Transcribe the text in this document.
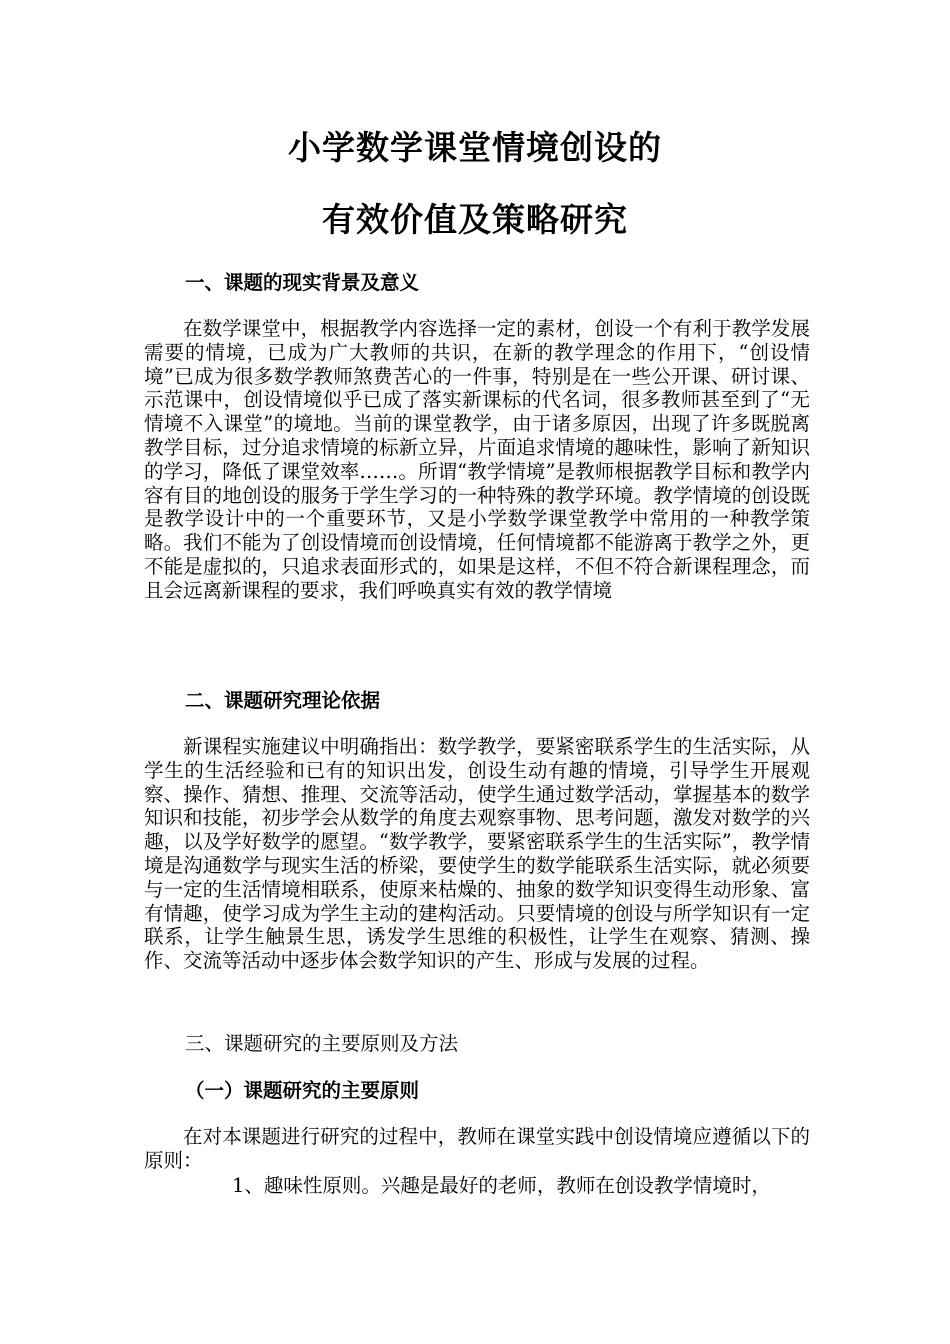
小学数学课堂情境创设的
有效价值及策略研究
一、课题的现实背景及意义

在数学课堂中，根据教学内容选择一定的素材，创设一个有利于教学发展需要的情境，已成为广大教师的共识，在新的教学理念的作用下，“创设情境”已成为很多数学教师煞费苦心的一件事，特别是在一些公开课、研讨课、示范课中，创设情境似乎已成了落实新课标的代名词，很多教师甚至到了“无情境不入课堂”的境地。当前的课堂教学，由于诸多原因，出现了许多既脱离教学目标，过分追求情境的标新立异，片面追求情境的趣味性，影响了新知识的学习，降低了课堂效率……。所谓“教学情境”是教师根据教学目标和教学内容有目的地创设的服务于学生学习的一种特殊的教学环境。教学情境的创设既是教学设计中的一个重要环节，又是小学数学课堂教学中常用的一种教学策略。我们不能为了创设情境而创设情境，任何情境都不能游离于教学之外，更不能是虚拟的，只追求表面形式的，如果是这样，不但不符合新课程理念，而且会远离新课程的要求，我们呼唤真实有效的教学情境

二、课题研究理论依据

新课程实施建议中明确指出：数学教学，要紧密联系学生的生活实际，从学生的生活经验和已有的知识出发，创设生动有趣的情境，引导学生开展观察、操作、猜想、推理、交流等活动，使学生通过数学活动，掌握基本的数学知识和技能，初步学会从数学的角度去观察事物、思考问题，激发对数学的兴趣，以及学好数学的愿望。“数学教学，要紧密联系学生的生活实际”，教学情境是沟通数学与现实生活的桥梁，要使学生的数学能联系生活实际，就必须要与一定的生活情境相联系，使原来枯燥的、抽象的数学知识变得生动形象、富有情趣，使学习成为学生主动的建构活动。只要情境的创设与所学知识有一定联系，让学生触景生思，诱发学生思维的积极性，让学生在观察、猜测、操作、交流等活动中逐步体会数学知识的产生、形成与发展的过程。

三、课题研究的主要原则及方法
（一）课题研究的主要原则

在对本课题进行研究的过程中，教师在课堂实践中创设情境应遵循以下的原则：

1、趣味性原则。兴趣是最好的老师，教师在创设教学情境时，
